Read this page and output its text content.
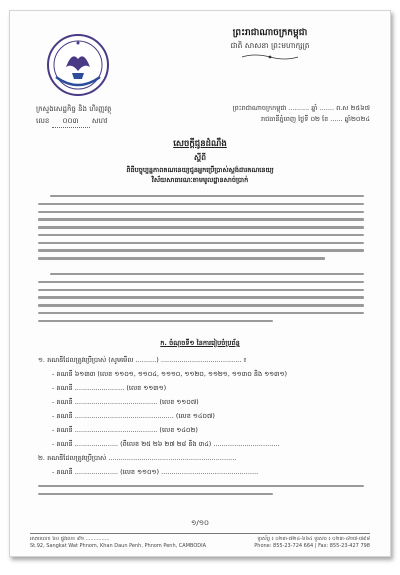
ព្រះរាជាណាចក្រកម្ពុជា
ជាតិ សាសនា ព្រះមហាក្សត្រ
ក្រសួងសេដ្ឋកិច្ច និង ហិរញ្ញវត្ថុ
លេខ ០០៣ សហវ
ព្រះរាជាណាចក្រកម្ពុជា .......... ឆ្នាំ ....... ព.ស ២៥៦៧
រាជធានីភ្នំពេញ ថ្ងៃទី ០២ ខែ ...... ឆ្នាំ២០២៤
សេចក្តីជូនដំណឹង
ស្តីពី
ពិធីបច្ចុប្បន្នភាពគណនេយ្យជូនអ្នកប្រើប្រាស់ស្តង់ដារគណនេយ្យ
វិស័យសាធារណៈតាមមូលដ្ឋានសាច់ប្រាក់
ក. ចំណុចទី១ នៃការរៀបចំប្រព័ន្ធ
១. គណនីដែលត្រូវប្រើប្រាស់ (សូមមើល ..........) ....................................... ៖
- គណនី ៦១៣៣ (លេខ ១១០១, ១១០៤, ១១១០, ១១២០, ១១២១, ១១៣០ និង ១១៣១)
- គណនី ........................ (លេខ ១១៣១)
- គណនី ........................................ (លេខ ១១០៧)
- គណនី ................................................ (លេខ ១៤០៧)
- គណនី ........................................ (លេខ ១៤០២)
- គណនី ..................... (ពីលេខ ២៥ ២៦ ២៧ ២៨ និង ៣៤) ................................
២. គណនីដែលត្រូវប្រើប្រាស់ ..............................................................
- គណនី ..................... (លេខ ១១០១) ...............................................
១/១០
អាគារលេខ ៦០ ផ្លូវលេខ ៩២ ...............
St.92, Sangkat Wat Phnom, Khan Daun Penh, Phnom Penh, CAMBODIA
ទូរស័ព្ទ ៖ ០២៣-៧២៤-៦៦៤ ទូរសារ ៖ ០២៣-៤២៧-៧៩៨
Phone: 855-23-724 664 | Fax: 855-23-427 798
